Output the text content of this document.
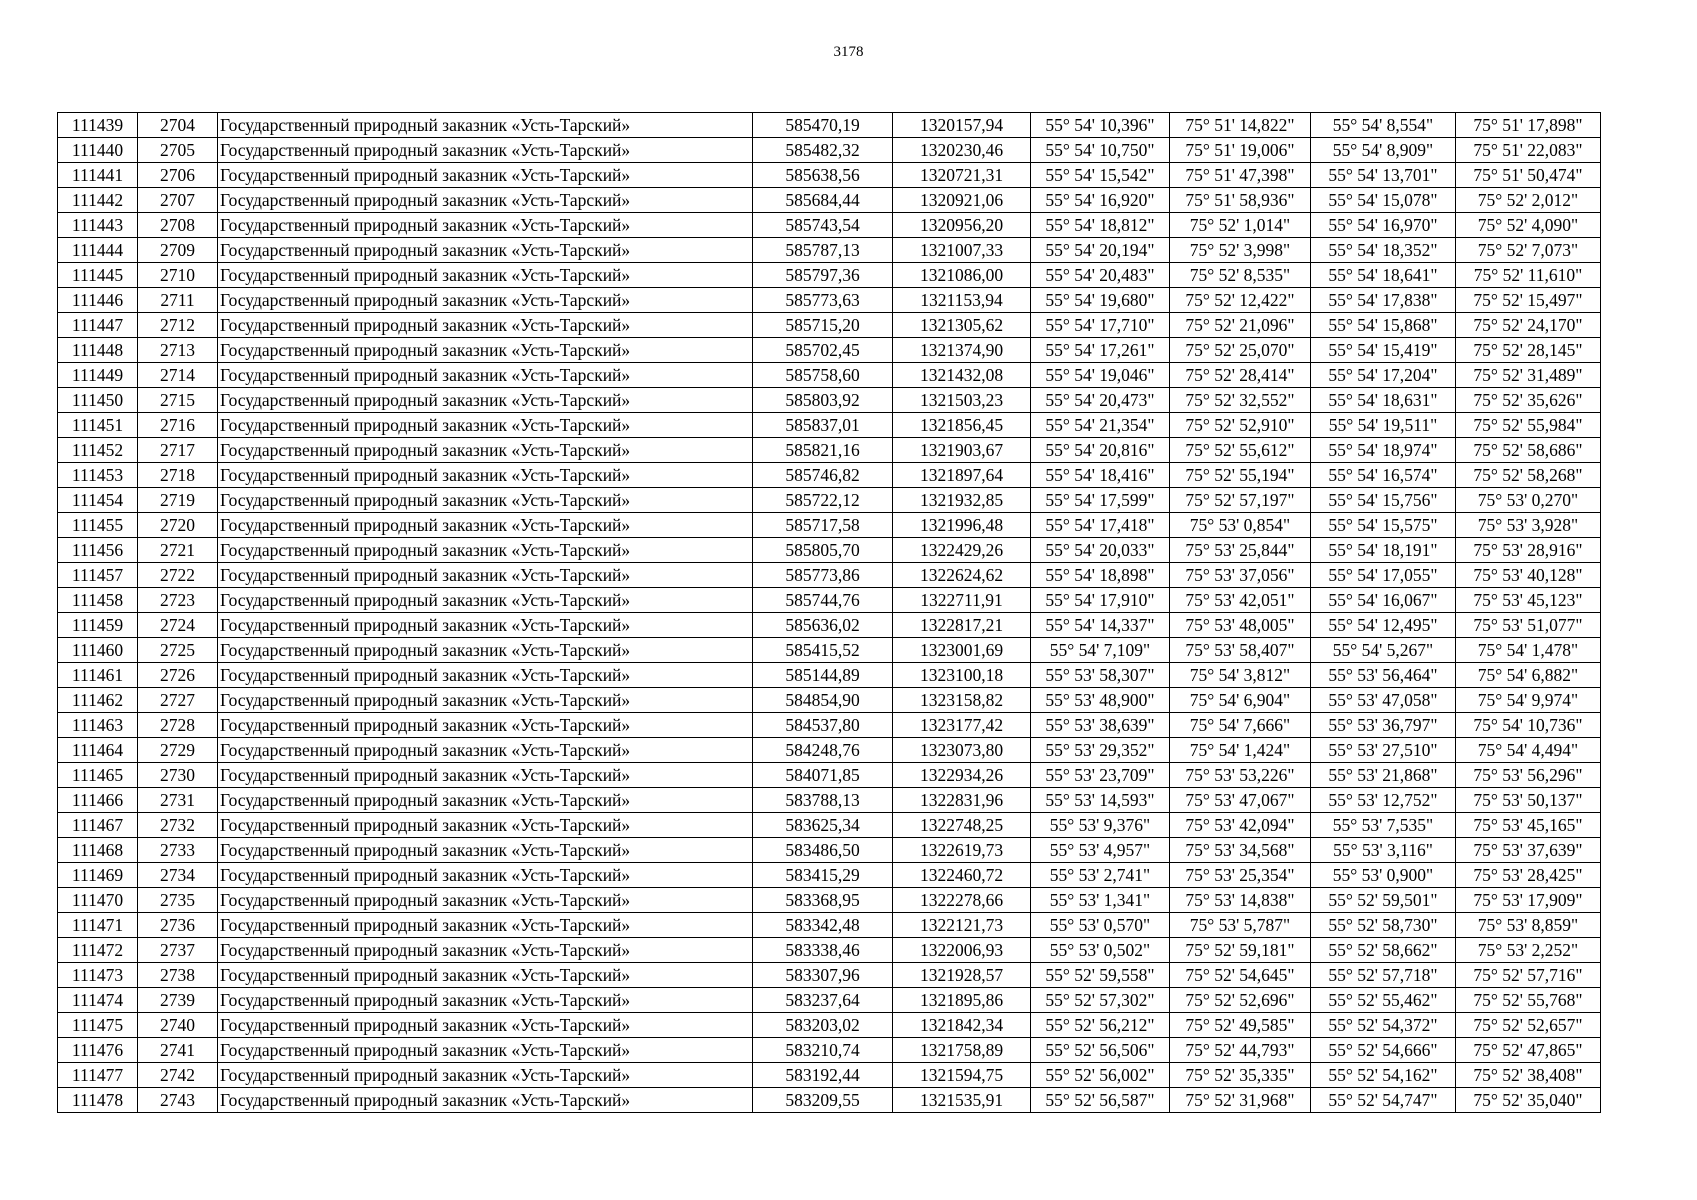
3178
111439	2704	Государственный природный заказник «Усть-Тарский»	585470,19	1320157,94	55° 54' 10,396"	75° 51' 14,822"	55° 54' 8,554"	75° 51' 17,898"
111440	2705	Государственный природный заказник «Усть-Тарский»	585482,32	1320230,46	55° 54' 10,750"	75° 51' 19,006"	55° 54' 8,909"	75° 51' 22,083"
111441	2706	Государственный природный заказник «Усть-Тарский»	585638,56	1320721,31	55° 54' 15,542"	75° 51' 47,398"	55° 54' 13,701"	75° 51' 50,474"
111442	2707	Государственный природный заказник «Усть-Тарский»	585684,44	1320921,06	55° 54' 16,920"	75° 51' 58,936"	55° 54' 15,078"	75° 52' 2,012"
111443	2708	Государственный природный заказник «Усть-Тарский»	585743,54	1320956,20	55° 54' 18,812"	75° 52' 1,014"	55° 54' 16,970"	75° 52' 4,090"
111444	2709	Государственный природный заказник «Усть-Тарский»	585787,13	1321007,33	55° 54' 20,194"	75° 52' 3,998"	55° 54' 18,352"	75° 52' 7,073"
111445	2710	Государственный природный заказник «Усть-Тарский»	585797,36	1321086,00	55° 54' 20,483"	75° 52' 8,535"	55° 54' 18,641"	75° 52' 11,610"
111446	2711	Государственный природный заказник «Усть-Тарский»	585773,63	1321153,94	55° 54' 19,680"	75° 52' 12,422"	55° 54' 17,838"	75° 52' 15,497"
111447	2712	Государственный природный заказник «Усть-Тарский»	585715,20	1321305,62	55° 54' 17,710"	75° 52' 21,096"	55° 54' 15,868"	75° 52' 24,170"
111448	2713	Государственный природный заказник «Усть-Тарский»	585702,45	1321374,90	55° 54' 17,261"	75° 52' 25,070"	55° 54' 15,419"	75° 52' 28,145"
111449	2714	Государственный природный заказник «Усть-Тарский»	585758,60	1321432,08	55° 54' 19,046"	75° 52' 28,414"	55° 54' 17,204"	75° 52' 31,489"
111450	2715	Государственный природный заказник «Усть-Тарский»	585803,92	1321503,23	55° 54' 20,473"	75° 52' 32,552"	55° 54' 18,631"	75° 52' 35,626"
111451	2716	Государственный природный заказник «Усть-Тарский»	585837,01	1321856,45	55° 54' 21,354"	75° 52' 52,910"	55° 54' 19,511"	75° 52' 55,984"
111452	2717	Государственный природный заказник «Усть-Тарский»	585821,16	1321903,67	55° 54' 20,816"	75° 52' 55,612"	55° 54' 18,974"	75° 52' 58,686"
111453	2718	Государственный природный заказник «Усть-Тарский»	585746,82	1321897,64	55° 54' 18,416"	75° 52' 55,194"	55° 54' 16,574"	75° 52' 58,268"
111454	2719	Государственный природный заказник «Усть-Тарский»	585722,12	1321932,85	55° 54' 17,599"	75° 52' 57,197"	55° 54' 15,756"	75° 53' 0,270"
111455	2720	Государственный природный заказник «Усть-Тарский»	585717,58	1321996,48	55° 54' 17,418"	75° 53' 0,854"	55° 54' 15,575"	75° 53' 3,928"
111456	2721	Государственный природный заказник «Усть-Тарский»	585805,70	1322429,26	55° 54' 20,033"	75° 53' 25,844"	55° 54' 18,191"	75° 53' 28,916"
111457	2722	Государственный природный заказник «Усть-Тарский»	585773,86	1322624,62	55° 54' 18,898"	75° 53' 37,056"	55° 54' 17,055"	75° 53' 40,128"
111458	2723	Государственный природный заказник «Усть-Тарский»	585744,76	1322711,91	55° 54' 17,910"	75° 53' 42,051"	55° 54' 16,067"	75° 53' 45,123"
111459	2724	Государственный природный заказник «Усть-Тарский»	585636,02	1322817,21	55° 54' 14,337"	75° 53' 48,005"	55° 54' 12,495"	75° 53' 51,077"
111460	2725	Государственный природный заказник «Усть-Тарский»	585415,52	1323001,69	55° 54' 7,109"	75° 53' 58,407"	55° 54' 5,267"	75° 54' 1,478"
111461	2726	Государственный природный заказник «Усть-Тарский»	585144,89	1323100,18	55° 53' 58,307"	75° 54' 3,812"	55° 53' 56,464"	75° 54' 6,882"
111462	2727	Государственный природный заказник «Усть-Тарский»	584854,90	1323158,82	55° 53' 48,900"	75° 54' 6,904"	55° 53' 47,058"	75° 54' 9,974"
111463	2728	Государственный природный заказник «Усть-Тарский»	584537,80	1323177,42	55° 53' 38,639"	75° 54' 7,666"	55° 53' 36,797"	75° 54' 10,736"
111464	2729	Государственный природный заказник «Усть-Тарский»	584248,76	1323073,80	55° 53' 29,352"	75° 54' 1,424"	55° 53' 27,510"	75° 54' 4,494"
111465	2730	Государственный природный заказник «Усть-Тарский»	584071,85	1322934,26	55° 53' 23,709"	75° 53' 53,226"	55° 53' 21,868"	75° 53' 56,296"
111466	2731	Государственный природный заказник «Усть-Тарский»	583788,13	1322831,96	55° 53' 14,593"	75° 53' 47,067"	55° 53' 12,752"	75° 53' 50,137"
111467	2732	Государственный природный заказник «Усть-Тарский»	583625,34	1322748,25	55° 53' 9,376"	75° 53' 42,094"	55° 53' 7,535"	75° 53' 45,165"
111468	2733	Государственный природный заказник «Усть-Тарский»	583486,50	1322619,73	55° 53' 4,957"	75° 53' 34,568"	55° 53' 3,116"	75° 53' 37,639"
111469	2734	Государственный природный заказник «Усть-Тарский»	583415,29	1322460,72	55° 53' 2,741"	75° 53' 25,354"	55° 53' 0,900"	75° 53' 28,425"
111470	2735	Государственный природный заказник «Усть-Тарский»	583368,95	1322278,66	55° 53' 1,341"	75° 53' 14,838"	55° 52' 59,501"	75° 53' 17,909"
111471	2736	Государственный природный заказник «Усть-Тарский»	583342,48	1322121,73	55° 53' 0,570"	75° 53' 5,787"	55° 52' 58,730"	75° 53' 8,859"
111472	2737	Государственный природный заказник «Усть-Тарский»	583338,46	1322006,93	55° 53' 0,502"	75° 52' 59,181"	55° 52' 58,662"	75° 53' 2,252"
111473	2738	Государственный природный заказник «Усть-Тарский»	583307,96	1321928,57	55° 52' 59,558"	75° 52' 54,645"	55° 52' 57,718"	75° 52' 57,716"
111474	2739	Государственный природный заказник «Усть-Тарский»	583237,64	1321895,86	55° 52' 57,302"	75° 52' 52,696"	55° 52' 55,462"	75° 52' 55,768"
111475	2740	Государственный природный заказник «Усть-Тарский»	583203,02	1321842,34	55° 52' 56,212"	75° 52' 49,585"	55° 52' 54,372"	75° 52' 52,657"
111476	2741	Государственный природный заказник «Усть-Тарский»	583210,74	1321758,89	55° 52' 56,506"	75° 52' 44,793"	55° 52' 54,666"	75° 52' 47,865"
111477	2742	Государственный природный заказник «Усть-Тарский»	583192,44	1321594,75	55° 52' 56,002"	75° 52' 35,335"	55° 52' 54,162"	75° 52' 38,408"
111478	2743	Государственный природный заказник «Усть-Тарский»	583209,55	1321535,91	55° 52' 56,587"	75° 52' 31,968"	55° 52' 54,747"	75° 52' 35,040"
